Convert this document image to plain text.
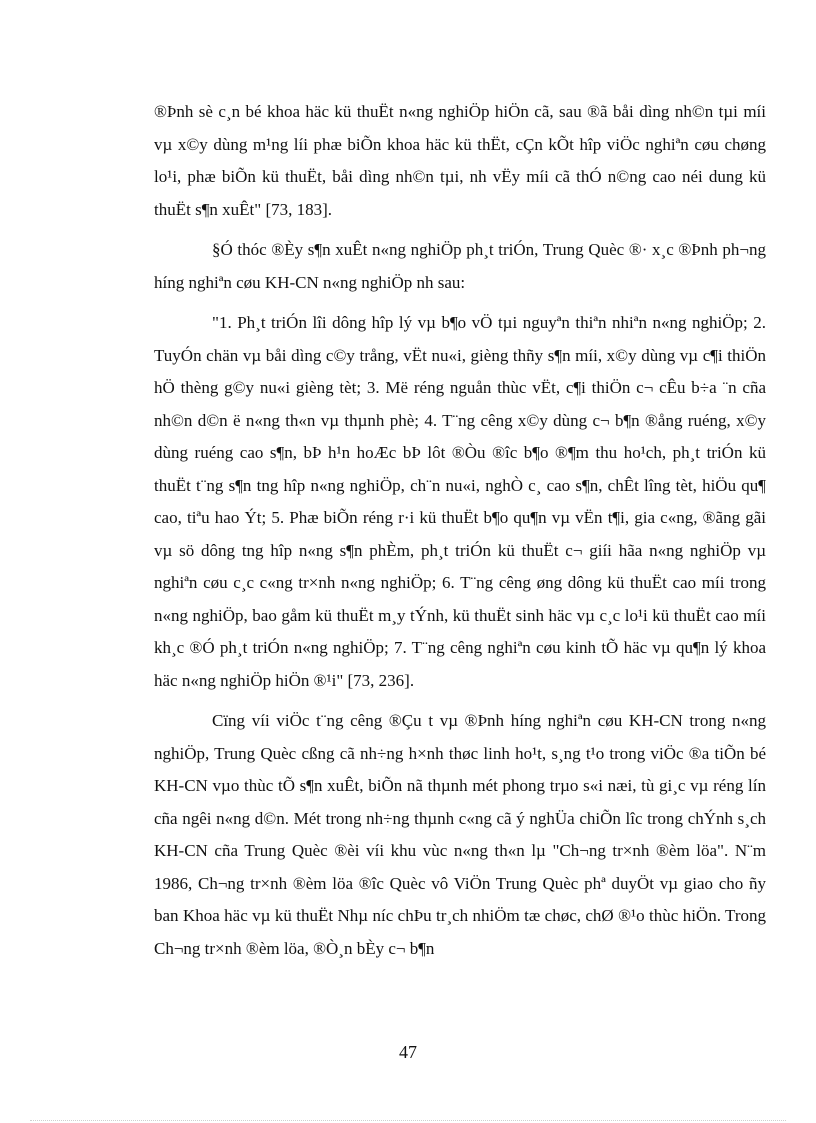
®Þnh sè c¸n bé khoa häc kü thuËt n«ng nghiÖp hiÖn cã, sau ®ã båi dìng nh©n tµi míi vµ x©y dùng m¹ng líi phæ biÕn khoa häc kü thËt, cÇn kÕt hîp viÖc nghiªn cøu chøng lo¹i, phæ biÕn kü thuËt, båi dìng nh©n tµi, nh vËy míi cã thÓ n©ng cao néi dung kü thuËt s¶n xuÊt" [73, 183].

§Ó thóc ®Èy s¶n xuÊt n«ng nghiÖp ph¸t triÓn, Trung Quèc ®· x¸c ®Þnh ph¬ng híng nghiªn cøu KH-CN n«ng nghiÖp nh sau:

"1. Ph¸t triÓn lîi dông hîp lý vµ b¶o vÖ tµi nguyªn thiªn nhiªn n«ng nghiÖp; 2. TuyÓn chän vµ båi dìng c©y trång, vËt nu«i, gièng thñy s¶n míi, x©y dùng vµ c¶i thiÖn hÖ thèng g©y nu«i gièng tèt; 3. Më réng nguån thùc vËt, c¶i thiÖn c¬ cÊu b÷a ¨n cña nh©n d©n ë n«ng th«n vµ thµnh phè; 4. T¨ng cêng x©y dùng c¬ b¶n ®ång ruéng, x©y dùng ruéng cao s¶n, bÞ h¹n hoÆc bÞ lôt ®Òu ®îc b¶o ®¶m thu ho¹ch, ph¸t triÓn kü thuËt t¨ng s¶n tng hîp n«ng nghiÖp, ch¨n nu«i, nghÒ c¸ cao s¶n, chÊt lîng tèt, hiÖu qu¶ cao, tiªu hao Ýt; 5. Phæ biÕn réng r·i kü thuËt b¶o qu¶n vµ vËn t¶i, gia c«ng, ®ãng gãi vµ sö dông tng hîp n«ng s¶n phÈm, ph¸t triÓn kü thuËt c¬ giíi hãa n«ng nghiÖp vµ nghiªn cøu c¸c c«ng tr×nh n«ng nghiÖp; 6. T¨ng cêng øng dông kü thuËt cao míi trong n«ng nghiÖp, bao gåm kü thuËt m¸y tÝnh, kü thuËt sinh häc vµ c¸c lo¹i kü thuËt cao míi kh¸c ®Ó ph¸t triÓn n«ng nghiÖp; 7. T¨ng cêng nghiªn cøu kinh tÕ häc vµ qu¶n lý khoa häc n«ng nghiÖp hiÖn ®¹i" [73, 236].

Cïng víi viÖc t¨ng cêng ®Çu t vµ ®Þnh híng nghiªn cøu KH-CN trong n«ng nghiÖp, Trung Quèc cßng cã nh÷ng h×nh thøc linh ho¹t, s¸ng t¹o trong viÖc ®a tiÕn bé KH-CN vµo thùc tÕ s¶n xuÊt, biÕn nã thµnh mét phong trµo s«i næi, tù gi¸c vµ réng lín cña ngêi n«ng d©n. Mét trong nh÷ng thµnh c«ng cã ý nghÜa chiÕn lîc trong chÝnh s¸ch KH-CN cña Trung Quèc ®èi víi khu vùc n«ng th«n lµ "Ch¬ng tr×nh ®èm löa". N¨m 1986, Ch¬ng tr×nh ®èm löa ®îc Quèc vô ViÖn Trung Quèc phª duyÖt vµ giao cho ñy ban Khoa häc vµ kü thuËt Nhµ níc chÞu tr¸ch nhiÖm tæ chøc, chØ ®¹o thùc hiÖn. Trong Ch¬ng tr×nh ®èm löa, ®Ò¸n bÈy c¬ b¶n

47
